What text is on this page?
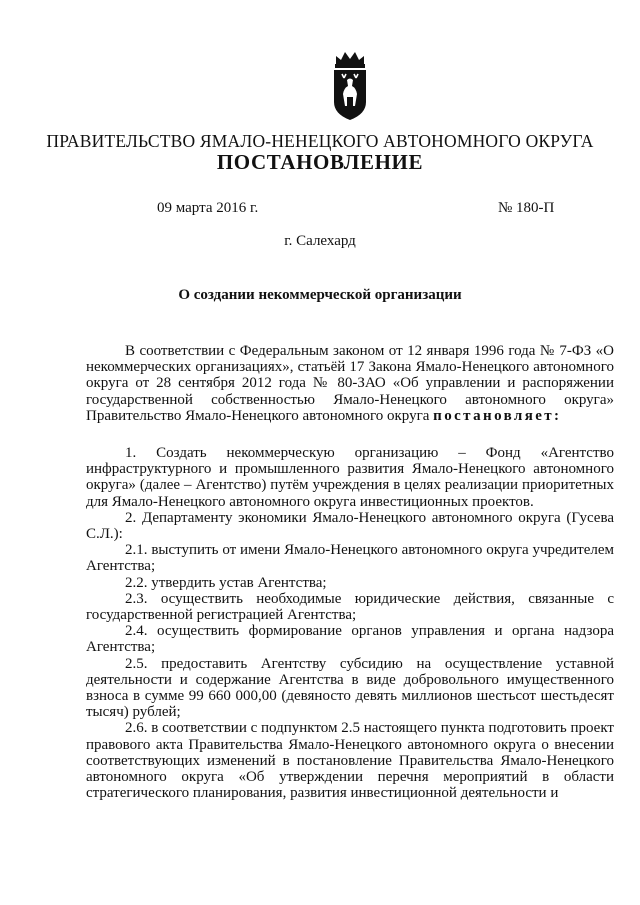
ПРАВИТЕЛЬСТВО ЯМАЛО-НЕНЕЦКОГО АВТОНОМНОГО ОКРУГА
ПОСТАНОВЛЕНИЕ
09 марта 2016 г.	№ 180-П
г. Салехард
О создании некоммерческой организации

В соответствии с Федеральным законом от 12 января 1996 года № 7-ФЗ «О некоммерческих организациях», статьёй 17 Закона Ямало-Ненецкого автономного округа от 28 сентября 2012 года № 80-ЗАО «Об управлении и распоряжении государственной собственностью Ямало-Ненецкого автономного округа» Правительство Ямало-Ненецкого автономного округа постановляет:

1. Создать некоммерческую организацию – Фонд «Агентство инфраструктурного и промышленного развития Ямало-Ненецкого автономного округа» (далее – Агентство) путём учреждения в целях реализации приоритетных для Ямало-Ненецкого автономного округа инвестиционных проектов.

2. Департаменту экономики Ямало-Ненецкого автономного округа (Гусева С.Л.):

2.1. выступить от имени Ямало-Ненецкого автономного округа учредителем Агентства;

2.2. утвердить устав Агентства;

2.3. осуществить необходимые юридические действия, связанные с государственной регистрацией Агентства;

2.4. осуществить формирование органов управления и органа надзора Агентства;

2.5. предоставить Агентству субсидию на осуществление уставной деятельности и содержание Агентства в виде добровольного имущественного взноса в сумме 99 660 000,00 (девяносто девять миллионов шестьсот шестьдесят тысяч) рублей;

2.6. в соответствии с подпунктом 2.5 настоящего пункта подготовить проект правового акта Правительства Ямало-Ненецкого автономного округа о внесении соответствующих изменений в постановление Правительства Ямало-Ненецкого автономного округа «Об утверждении перечня мероприятий в области стратегического планирования, развития инвестиционной деятельности и
